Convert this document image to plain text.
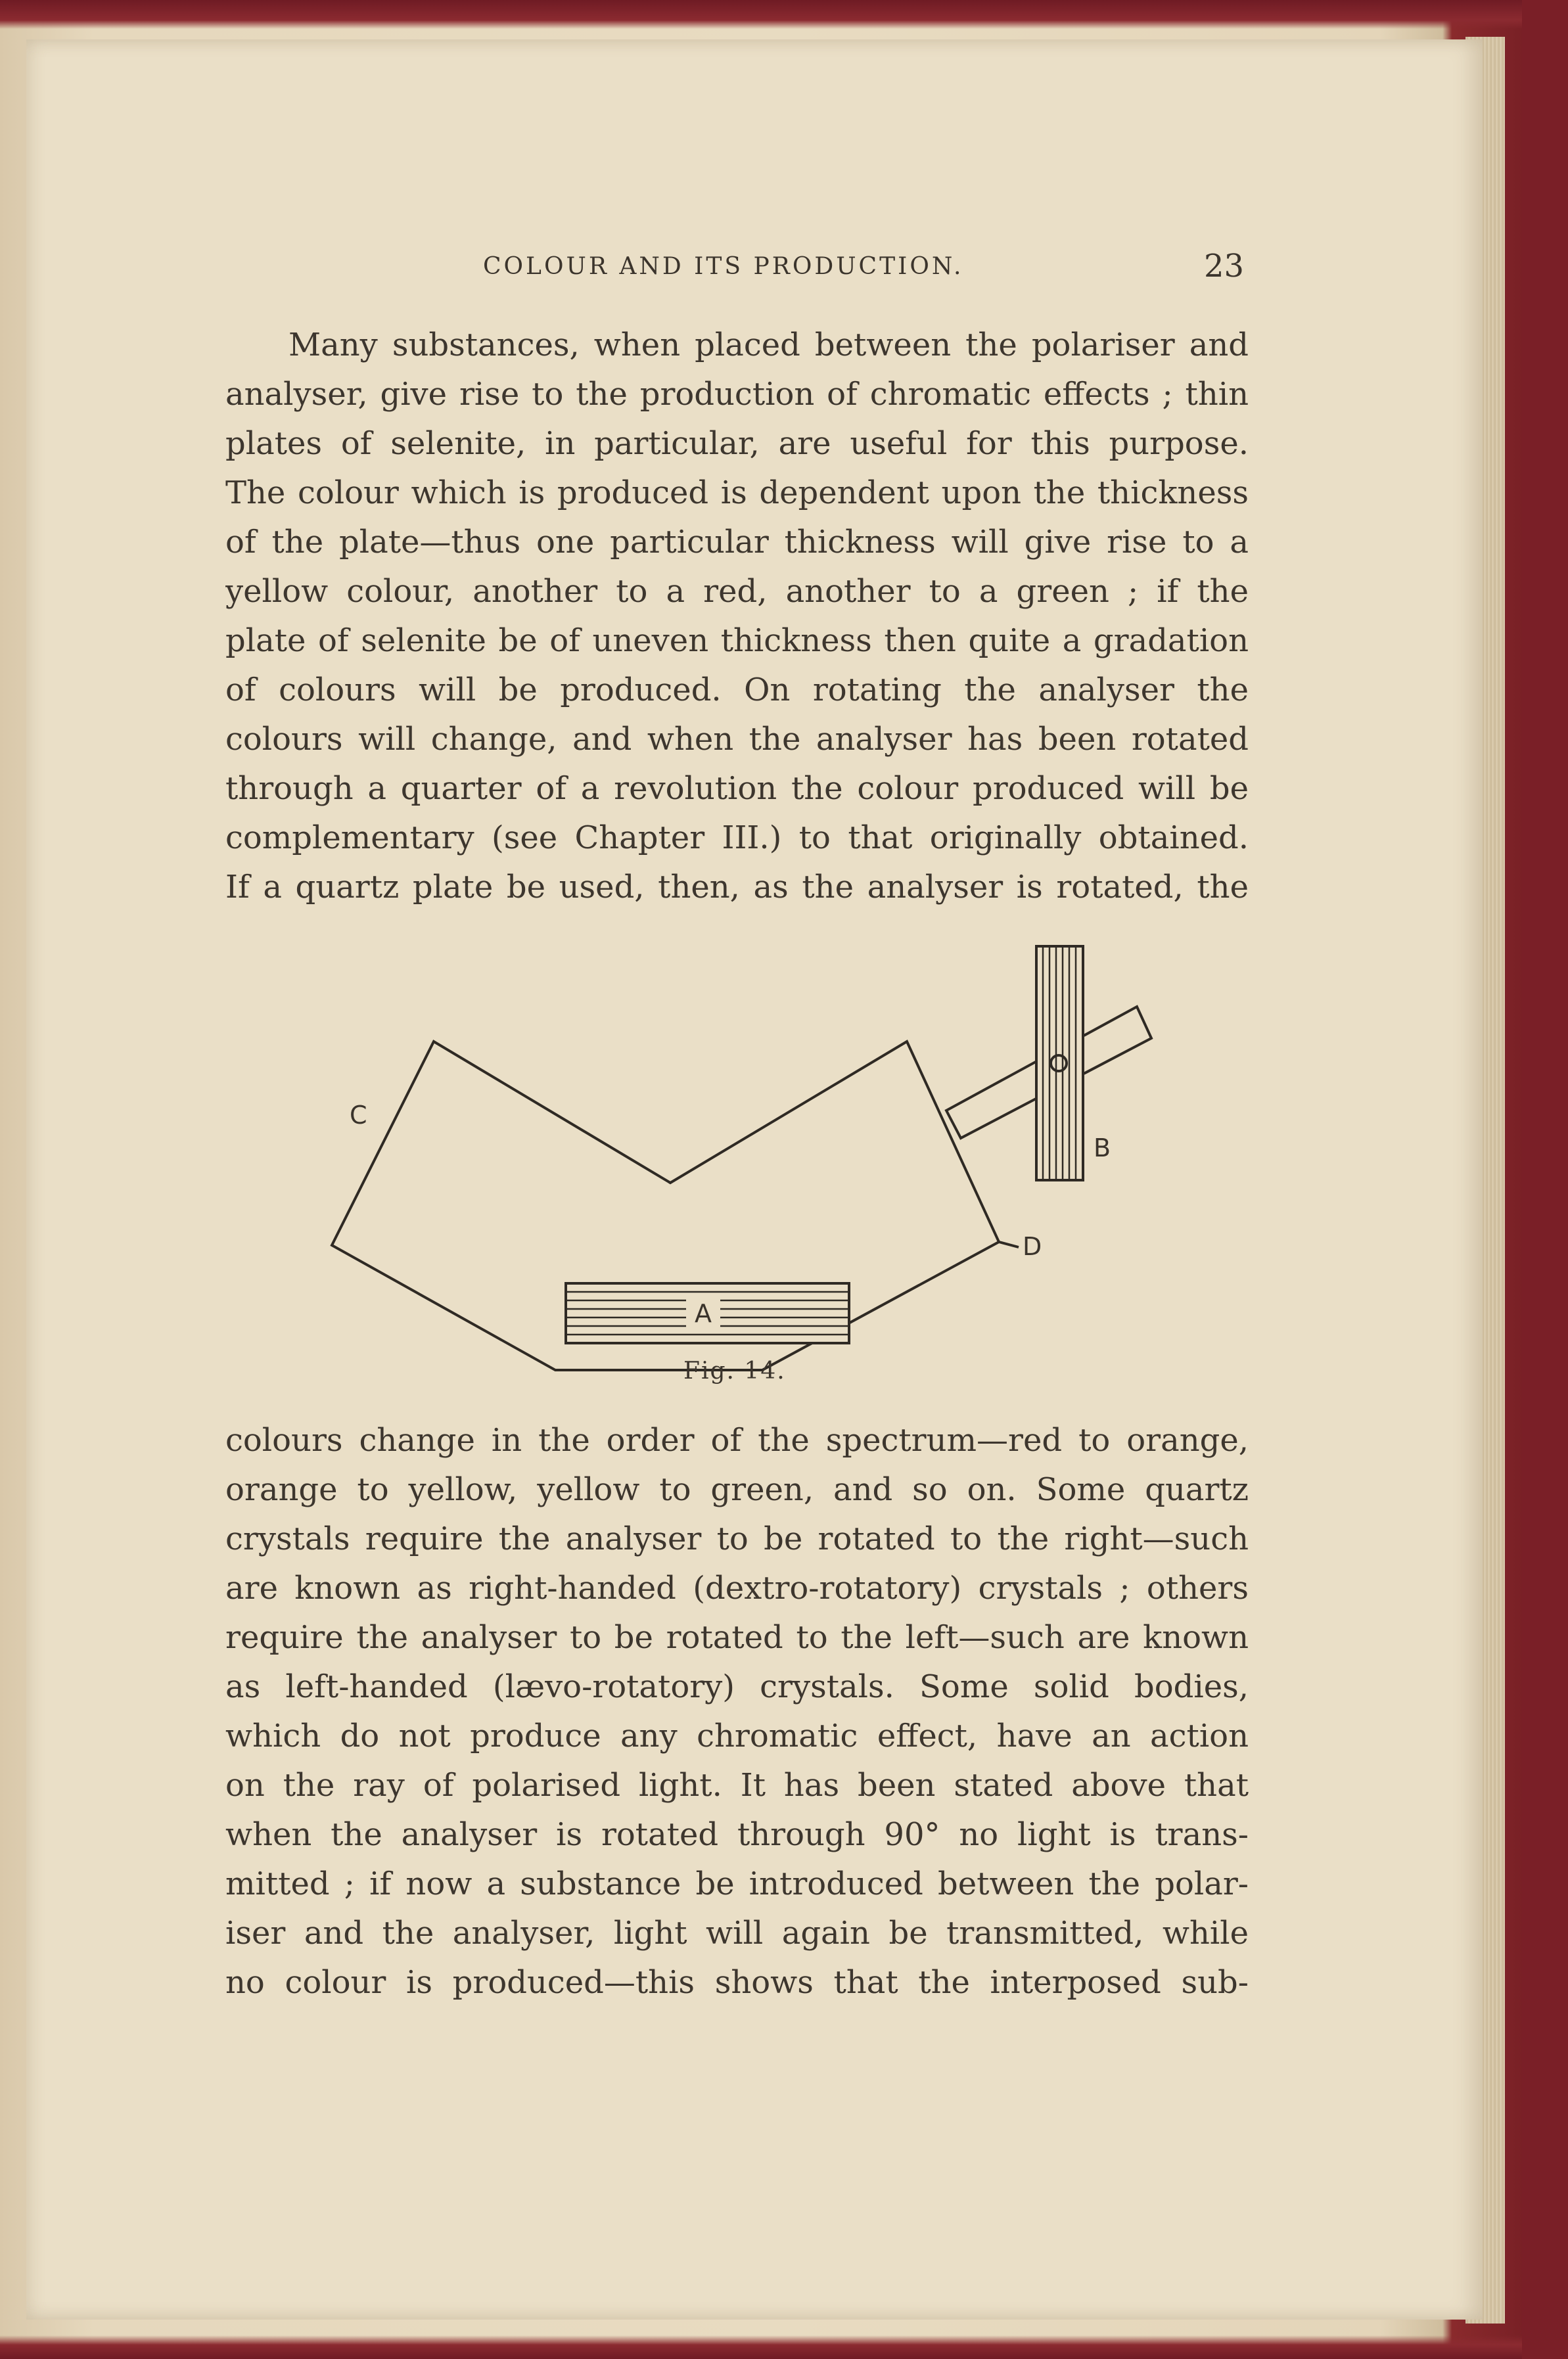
COLOUR AND ITS PRODUCTION.	23
Many substances, when placed between the polariser and
analyser, give rise to the production of chromatic effects ; thin
plates of selenite, in particular, are useful for this purpose.
The colour which is produced is dependent upon the thickness
of the plate—thus one particular thickness will give rise to a
yellow colour, another to a red, another to a green ; if the
plate of selenite be of uneven thickness then quite a gradation
of colours will be produced. On rotating the analyser the
colours will change, and when the analyser has been rotated
through a quarter of a revolution the colour produced will be
complementary (see Chapter III.) to that originally obtained.
If a quartz plate be used, then, as the analyser is rotated, the
A
B
C
D
Fig. 14.
colours change in the order of the spectrum—red to orange,
orange to yellow, yellow to green, and so on. Some quartz
crystals require the analyser to be rotated to the right—such
are known as right-handed (dextro-rotatory) crystals ; others
require the analyser to be rotated to the left—such are known
as left-handed (lævo-rotatory) crystals. Some solid bodies,
which do not produce any chromatic effect, have an action
on the ray of polarised light. It has been stated above that
when the analyser is rotated through 90° no light is trans-
mitted ; if now a substance be introduced between the polar-
iser and the analyser, light will again be transmitted, while
no colour is produced—this shows that the interposed sub-
